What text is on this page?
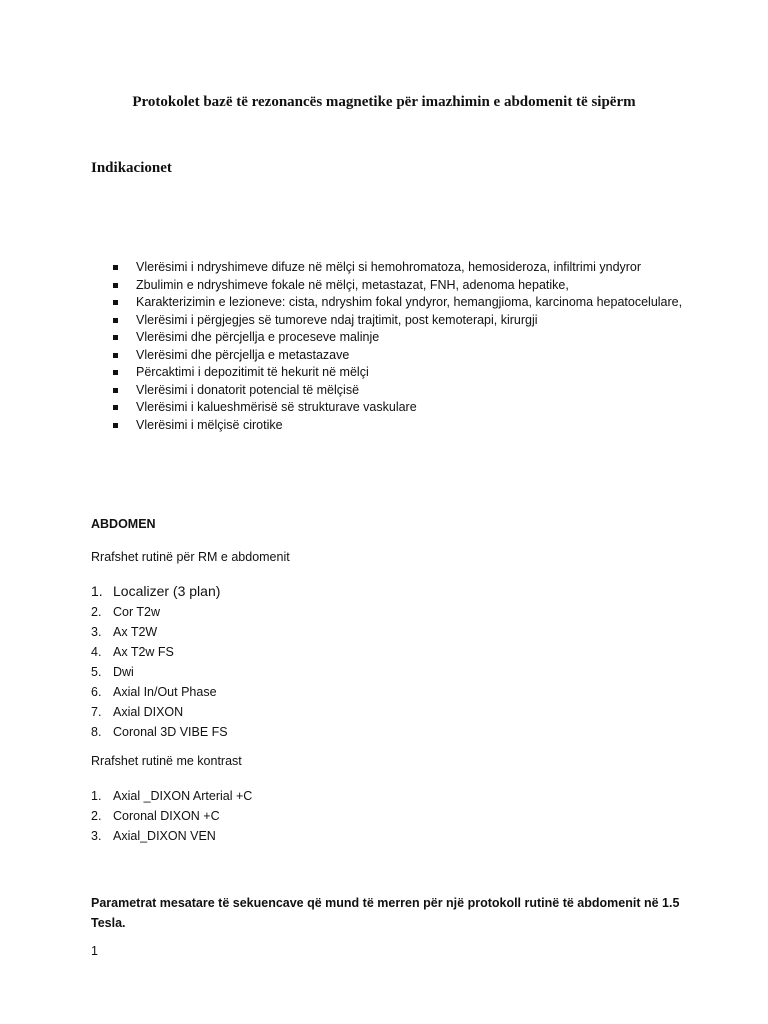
Protokolet bazë të rezonancës magnetike për imazhimin e abdomenit të sipërm
Indikacionet
Vlerësimi i ndryshimeve difuze në mëlçi si hemohromatoza, hemosideroza, infiltrimi yndyror
Zbulimin e ndryshimeve fokale në mëlçi, metastazat, FNH, adenoma hepatike,
Karakterizimin e lezioneve: cista, ndryshim fokal yndyror, hemangjioma, karcinoma hepatocelulare,
Vlerësimi i përgjegjes së tumoreve ndaj trajtimit, post kemoterapi, kirurgji
Vlerësimi dhe përcjellja e proceseve malinje
Vlerësimi dhe përcjellja e metastazave
Përcaktimi i depozitimit të hekurit në mëlçi
Vlerësimi i donatorit potencial të mëlçisë
Vlerësimi i kalueshmërisë së strukturave vaskulare
Vlerësimi i mëlçisë cirotike
ABDOMEN
Rrafshet rutinë për RM e abdomenit
1. Localizer (3 plan)
2. Cor T2w
3. Ax T2W
4. Ax T2w FS
5. Dwi
6. Axial In/Out Phase
7. Axial DIXON
8. Coronal 3D VIBE FS
Rrafshet rutinë me kontrast
1. Axial _DIXON Arterial +C
2. Coronal DIXON +C
3. Axial_DIXON VEN
Parametrat mesatare të sekuencave që mund të merren për një protokoll rutinë të abdomenit në 1.5 Tesla.
1
